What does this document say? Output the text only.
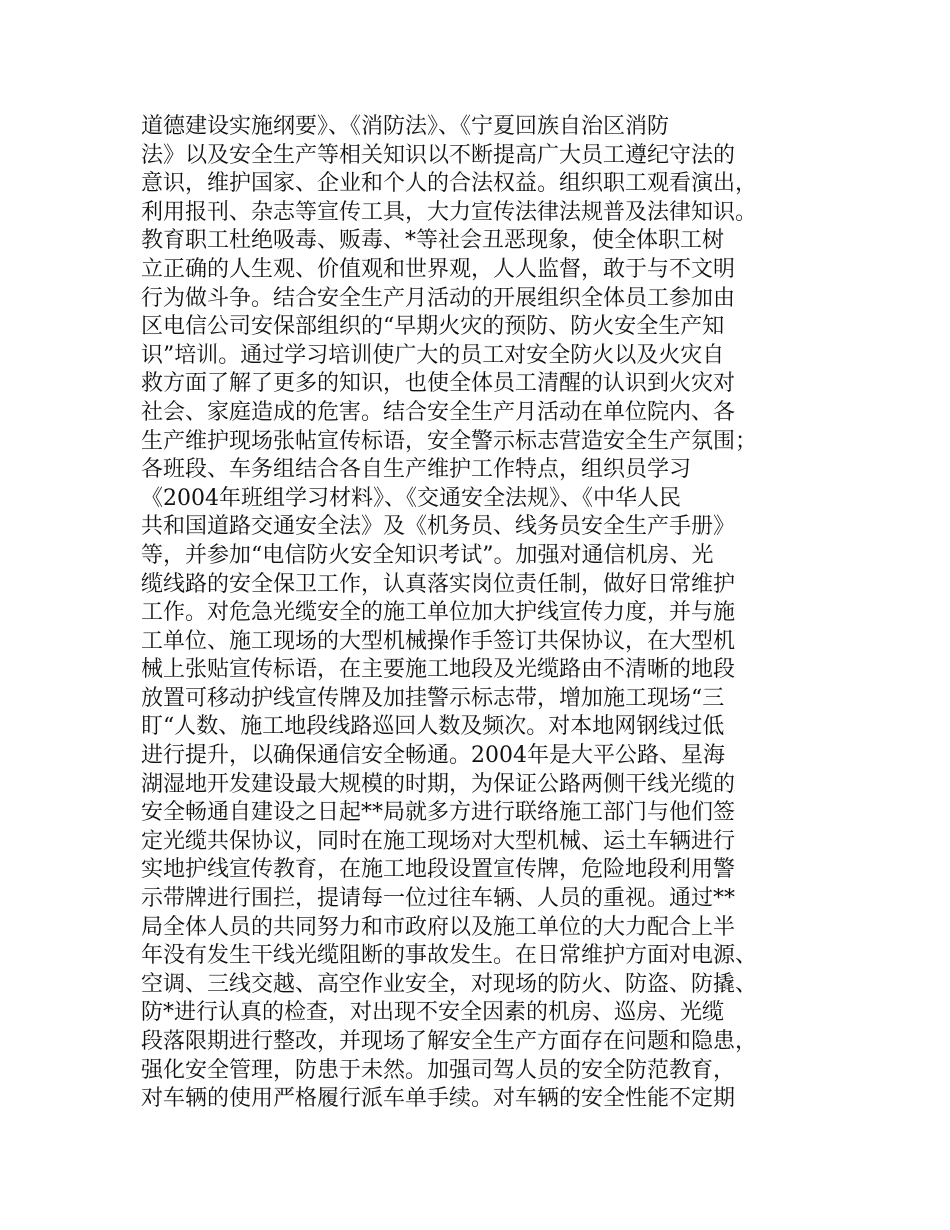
道德建设实施纲要》、《消防法》、《宁夏回族自治区消防
法》以及安全生产等相关知识以不断提高广大员工遵纪守法的
意识，维护国家、企业和个人的合法权益。组织职工观看演出，
利用报刊、杂志等宣传工具，大力宣传法律法规普及法律知识。
教育职工杜绝吸毒、贩毒、*等社会丑恶现象，使全体职工树
立正确的人生观、价值观和世界观，人人监督，敢于与不文明
行为做斗争。结合安全生产月活动的开展组织全体员工参加由
区电信公司安保部组织的“早期火灾的预防、防火安全生产知
识”培训。通过学习培训使广大的员工对安全防火以及火灾自
救方面了解了更多的知识，也使全体员工清醒的认识到火灾对
社会、家庭造成的危害。结合安全生产月活动在单位院内、各
生产维护现场张帖宣传标语，安全警示标志营造安全生产氛围；
各班段、车务组结合各自生产维护工作特点，组织员学习
《2004年班组学习材料》、《交通安全法规》、《中华人民
共和国道路交通安全法》及《机务员、线务员安全生产手册》
等，并参加“电信防火安全知识考试”。加强对通信机房、光
缆线路的安全保卫工作，认真落实岗位责任制，做好日常维护
工作。对危急光缆安全的施工单位加大护线宣传力度，并与施
工单位、施工现场的大型机械操作手签订共保协议，在大型机
械上张贴宣传标语，在主要施工地段及光缆路由不清晰的地段
放置可移动护线宣传牌及加挂警示标志带，增加施工现场“三
盯“人数、施工地段线路巡回人数及频次。对本地网钢线过低
进行提升，以确保通信安全畅通。2004年是大平公路、星海
湖湿地开发建设最大规模的时期，为保证公路两侧干线光缆的
安全畅通自建设之日起**局就多方进行联络施工部门与他们签
定光缆共保协议，同时在施工现场对大型机械、运土车辆进行
实地护线宣传教育，在施工地段设置宣传牌，危险地段利用警
示带牌进行围拦，提请每一位过往车辆、人员的重视。通过**
局全体人员的共同努力和市政府以及施工单位的大力配合上半
年没有发生干线光缆阻断的事故发生。在日常维护方面对电源、
空调、三线交越、高空作业安全，对现场的防火、防盗、防撬、
防*进行认真的检查，对出现不安全因素的机房、巡房、光缆
段落限期进行整改，并现场了解安全生产方面存在问题和隐患，
强化安全管理，防患于未然。加强司驾人员的安全防范教育，
对车辆的使用严格履行派车单手续。对车辆的安全性能不定期
